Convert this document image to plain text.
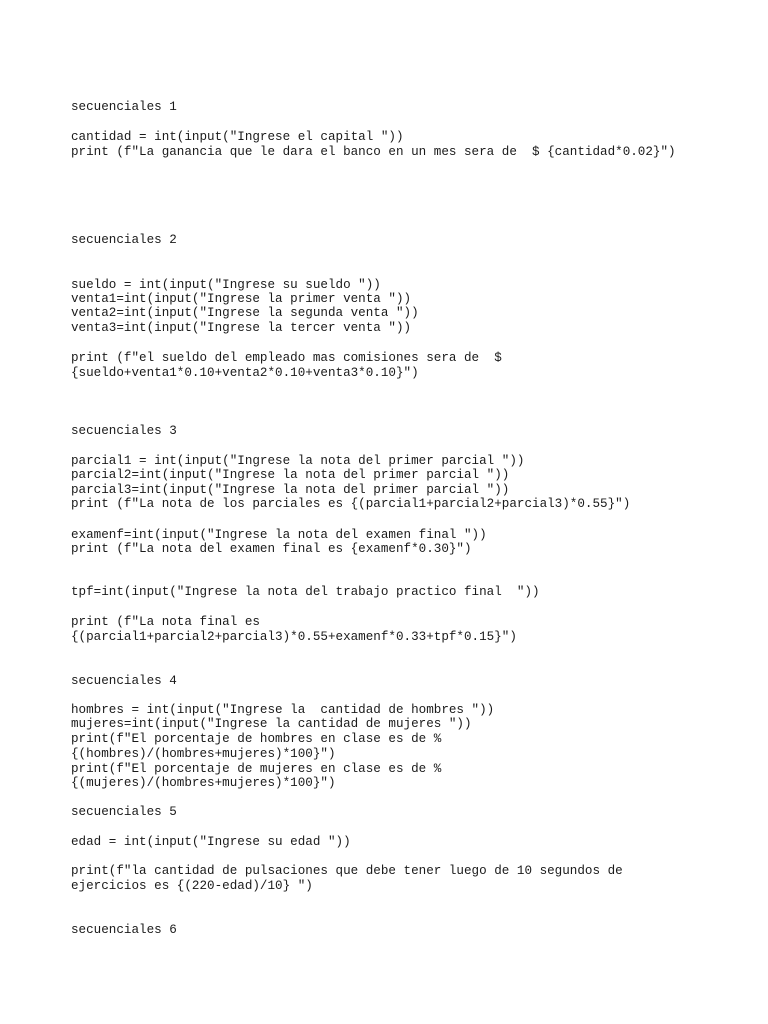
secuenciales 1

cantidad = int(input("Ingrese el capital "))

print (f"La ganancia que le dara el banco en un mes sera de  $ {cantidad*0.02}")

secuenciales 2

sueldo = int(input("Ingrese su sueldo "))

venta1=int(input("Ingrese la primer venta "))

venta2=int(input("Ingrese la segunda venta "))

venta3=int(input("Ingrese la tercer venta "))

print (f"el sueldo del empleado mas comisiones sera de  $

{sueldo+venta1*0.10+venta2*0.10+venta3*0.10}")

secuenciales 3

parcial1 = int(input("Ingrese la nota del primer parcial "))

parcial2=int(input("Ingrese la nota del primer parcial "))

parcial3=int(input("Ingrese la nota del primer parcial "))

print (f"La nota de los parciales es {(parcial1+parcial2+parcial3)*0.55}")

examenf=int(input("Ingrese la nota del examen final "))

print (f"La nota del examen final es {examenf*0.30}")

tpf=int(input("Ingrese la nota del trabajo practico final  "))

print (f"La nota final es

{(parcial1+parcial2+parcial3)*0.55+examenf*0.33+tpf*0.15}")

secuenciales 4

hombres = int(input("Ingrese la  cantidad de hombres "))

mujeres=int(input("Ingrese la cantidad de mujeres "))

print(f"El porcentaje de hombres en clase es de %

{(hombres)/(hombres+mujeres)*100}")

print(f"El porcentaje de mujeres en clase es de %

{(mujeres)/(hombres+mujeres)*100}")

secuenciales 5

edad = int(input("Ingrese su edad "))

print(f"la cantidad de pulsaciones que debe tener luego de 10 segundos de

ejercicios es {(220-edad)/10} ")

secuenciales 6
